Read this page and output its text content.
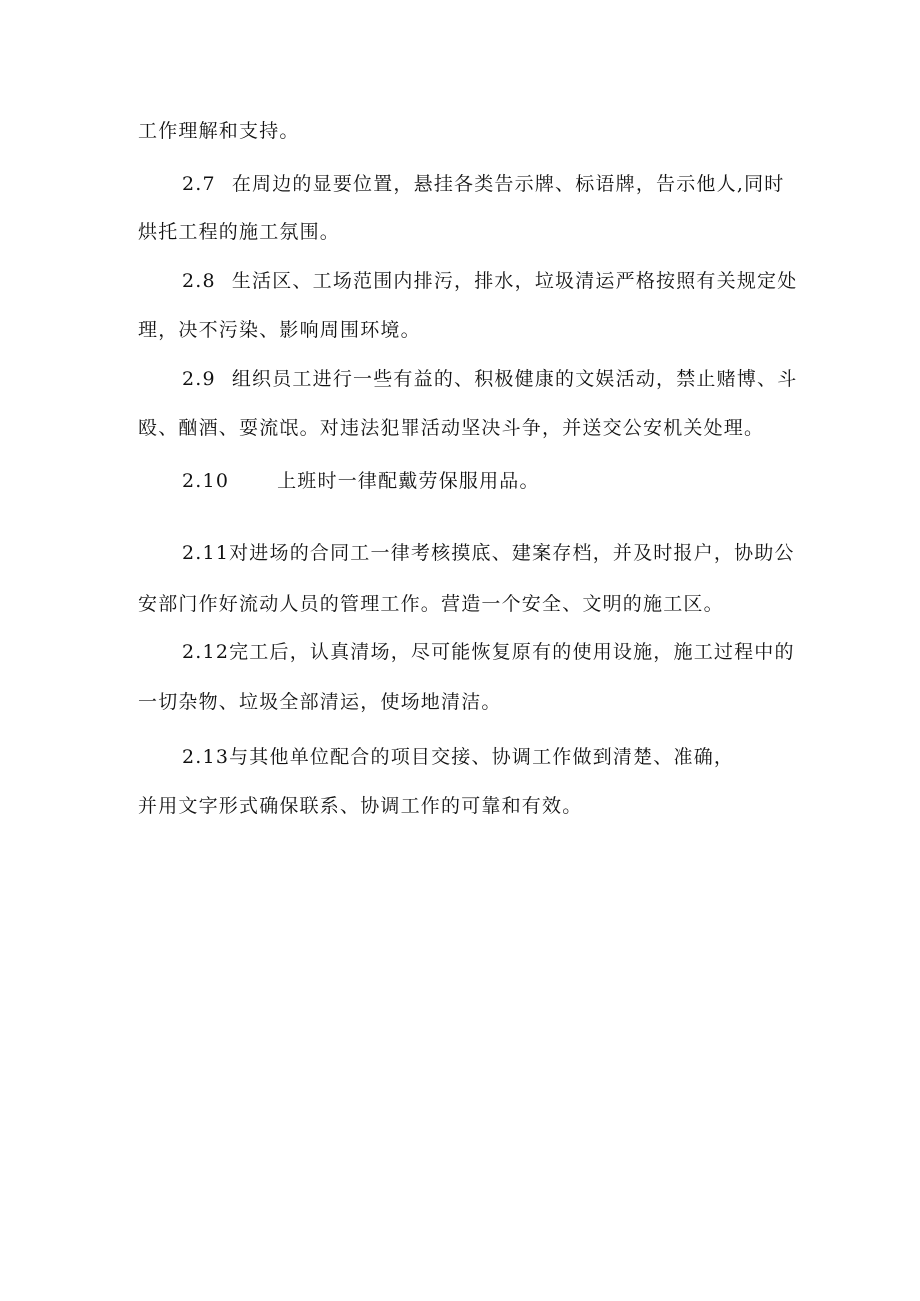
工作理解和支持。
2.7 在周边的显要位置，悬挂各类告示牌、标语牌，告示他人,同时
烘托工程的施工氛围。
2.8 生活区、工场范围内排污，排水，垃圾清运严格按照有关规定处
理，决不污染、影响周围环境。
2.9 组织员工进行一些有益的、积极健康的文娱活动，禁止赌博、斗
殴、酗酒、耍流氓。对违法犯罪活动坚决斗争，并送交公安机关处理。
2.10	上班时一律配戴劳保服用品。
2.11对进场的合同工一律考核摸底、建案存档，并及时报户，协助公
安部门作好流动人员的管理工作。营造一个安全、文明的施工区。
2.12完工后，认真清场，尽可能恢复原有的使用设施，施工过程中的
一切杂物、垃圾全部清运，使场地清洁。
2.13与其他单位配合的项目交接、协调工作做到清楚、准确，
并用文字形式确保联系、协调工作的可靠和有效。
